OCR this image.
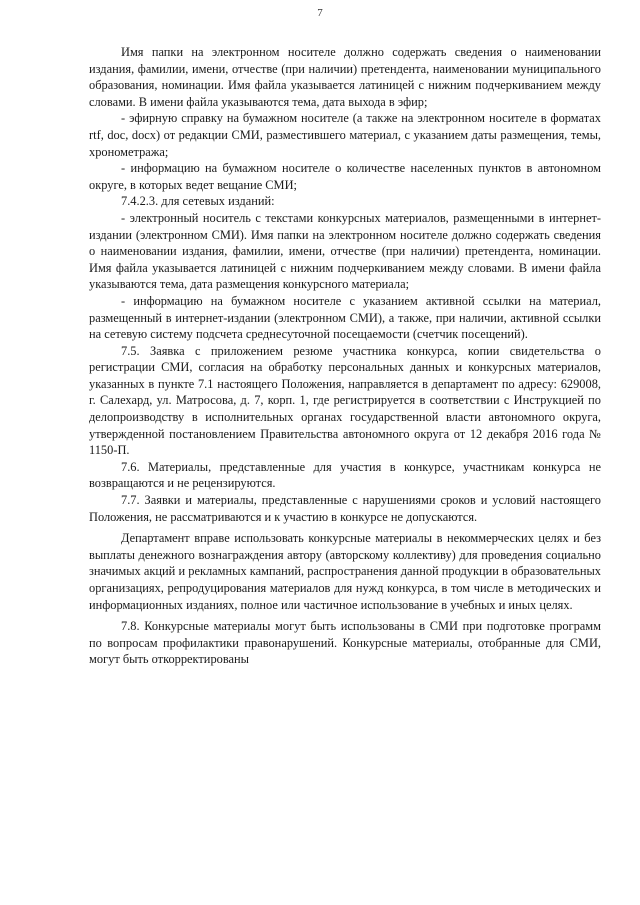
7

Имя папки на электронном носителе должно содержать сведения о наименовании издания, фамилии, имени, отчестве (при наличии) претендента, наименовании муниципального образования, номинации. Имя файла указывается латиницей с нижним подчеркиванием между словами. В имени файла указываются тема, дата выхода в эфир;

- эфирную справку на бумажном носителе (а также на электронном носителе в форматах rtf, doc, docx) от редакции СМИ, разместившего материал, с указанием даты размещения, темы, хронометража;

- информацию на бумажном носителе о количестве населенных пунктов в автономном округе, в которых ведет вещание СМИ;

7.4.2.3. для сетевых изданий:

- электронный носитель с текстами конкурсных материалов, размещенными в интернет-издании (электронном СМИ). Имя папки на электронном носителе должно содержать сведения о наименовании издания, фамилии, имени, отчестве (при наличии) претендента, номинации. Имя файла указывается латиницей с нижним подчеркиванием между словами. В имени файла указываются тема, дата размещения конкурсного материала;

- информацию на бумажном носителе с указанием активной ссылки на материал, размещенный в интернет-издании (электронном СМИ), а также, при наличии, активной ссылки на сетевую систему подсчета среднесуточной посещаемости (счетчик посещений).

7.5. Заявка с приложением резюме участника конкурса, копии свидетельства о регистрации СМИ, согласия на обработку персональных данных и конкурсных материалов, указанных в пункте 7.1 настоящего Положения, направляется в департамент по адресу: 629008, г. Салехард, ул. Матросова, д. 7, корп. 1, где регистрируется в соответствии с Инструкцией по делопроизводству в исполнительных органах государственной власти автономного округа, утвержденной постановлением Правительства автономного округа от 12 декабря 2016 года № 1150-П.

7.6. Материалы, представленные для участия в конкурсе, участникам конкурса не возвращаются и не рецензируются.

7.7. Заявки и материалы, представленные с нарушениями сроков и условий настоящего Положения, не рассматриваются и к участию в конкурсе не допускаются.

Департамент вправе использовать конкурсные материалы в некоммерческих целях и без выплаты денежного вознаграждения автору (авторскому коллективу) для проведения социально значимых акций и рекламных кампаний, распространения данной продукции в образовательных организациях, репродуцирования материалов для нужд конкурса, в том числе в методических и информационных изданиях, полное или частичное использование в учебных и иных целях.

7.8. Конкурсные материалы могут быть использованы в СМИ при подготовке программ по вопросам профилактики правонарушений. Конкурсные материалы, отобранные для СМИ, могут быть откорректированы
